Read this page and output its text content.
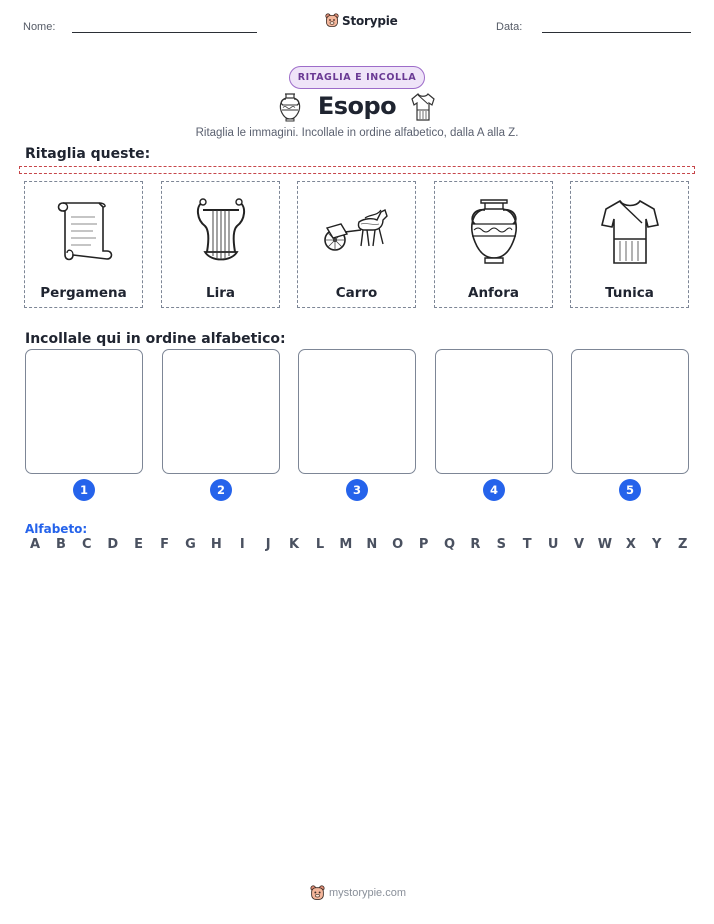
Nome:	Storypie	Data:
RITAGLIA E INCOLLA
Esopo
Ritaglia le immagini. Incollale in ordine alfabetico, dalla A alla Z.
Ritaglia queste:
Pergamena	Lira	Carro	Anfora	Tunica
Incollale qui in ordine alfabetico:
1	2	3	4	5
Alfabeto:
A B C D E F G H	I	J	K L M N O P Q R S T U V W X Y Z
mystorypie.com
